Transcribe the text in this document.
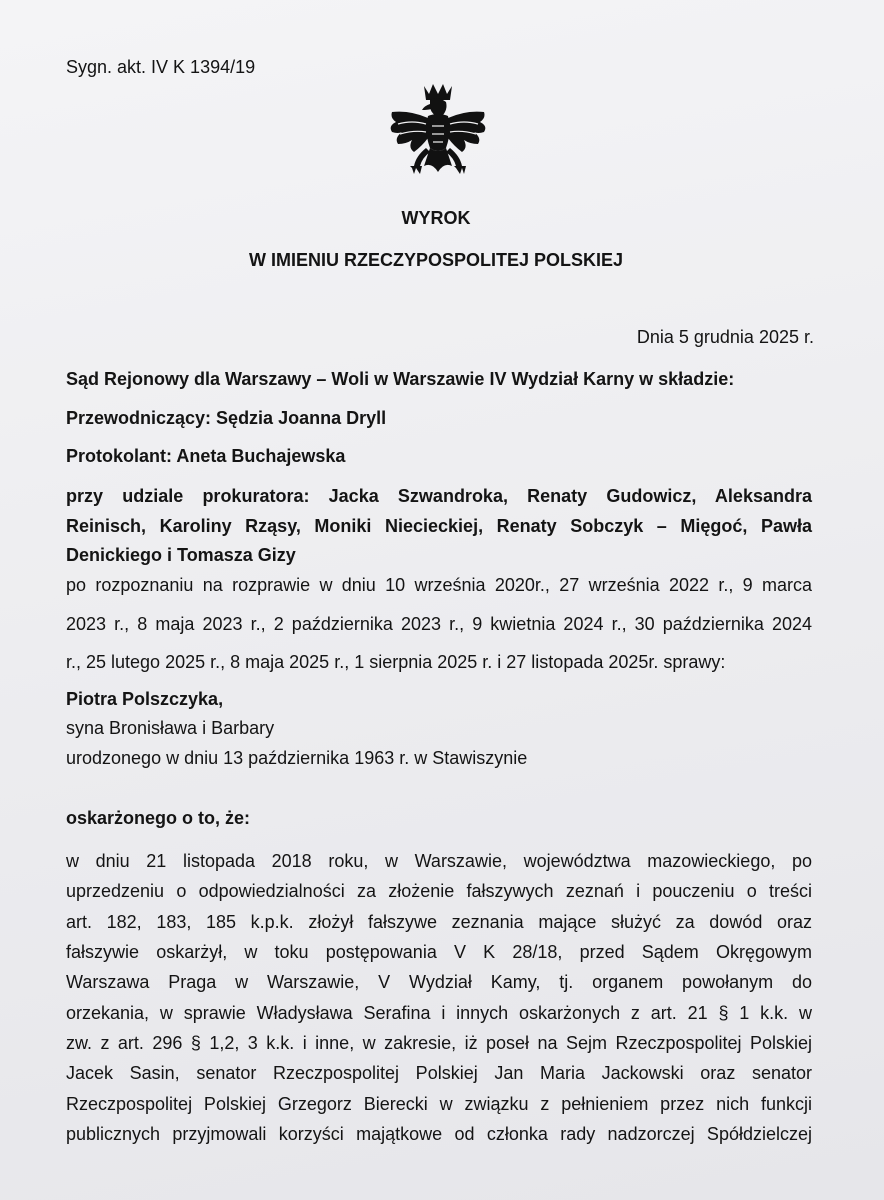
Sygn. akt. IV K 1394/19
WYROK
W IMIENIU RZECZYPOSPOLITEJ POLSKIEJ
Dnia 5 grudnia 2025 r.
Sąd Rejonowy dla Warszawy – Woli w Warszawie IV Wydział Karny w składzie:
Przewodniczący: Sędzia Joanna Dryll
Protokolant: Aneta Buchajewska
przy udziale prokuratora: Jacka Szwandroka, Renaty Gudowicz, Aleksandra
Reinisch, Karoliny Rząsy, Moniki Niecieckiej, Renaty Sobczyk – Mięgoć, Pawła
Denickiego i Tomasza Gizy
po rozpoznaniu na rozprawie w dniu 10 września 2020r., 27 września 2022 r., 9 marca
2023 r., 8 maja 2023 r., 2 października 2023 r., 9 kwietnia 2024 r., 30 października 2024
r., 25 lutego 2025 r., 8 maja 2025 r., 1 sierpnia 2025 r. i 27 listopada 2025r. sprawy:
Piotra Polszczyka,
syna Bronisława i Barbary
urodzonego w dniu 13 października 1963 r. w Stawiszynie
oskarżonego o to, że:
w dniu 21 listopada 2018 roku, w Warszawie, województwa mazowieckiego, po
uprzedzeniu o odpowiedzialności za złożenie fałszywych zeznań i pouczeniu o treści
art. 182, 183, 185 k.p.k. złożył fałszywe zeznania mające służyć za dowód oraz
fałszywie oskarżył, w toku postępowania V K 28/18, przed Sądem Okręgowym
Warszawa Praga w Warszawie, V Wydział Kamy, tj. organem powołanym do
orzekania, w sprawie Władysława Serafina i innych oskarżonych z art. 21 § 1 k.k. w
zw. z art. 296 § 1,2, 3 k.k. i inne, w zakresie, iż poseł na Sejm Rzeczpospolitej Polskiej
Jacek Sasin, senator Rzeczpospolitej Polskiej Jan Maria Jackowski oraz senator
Rzeczpospolitej Polskiej Grzegorz Bierecki w związku z pełnieniem przez nich funkcji
publicznych przyjmowali korzyści majątkowe od członka rady nadzorczej Spółdzielczej
